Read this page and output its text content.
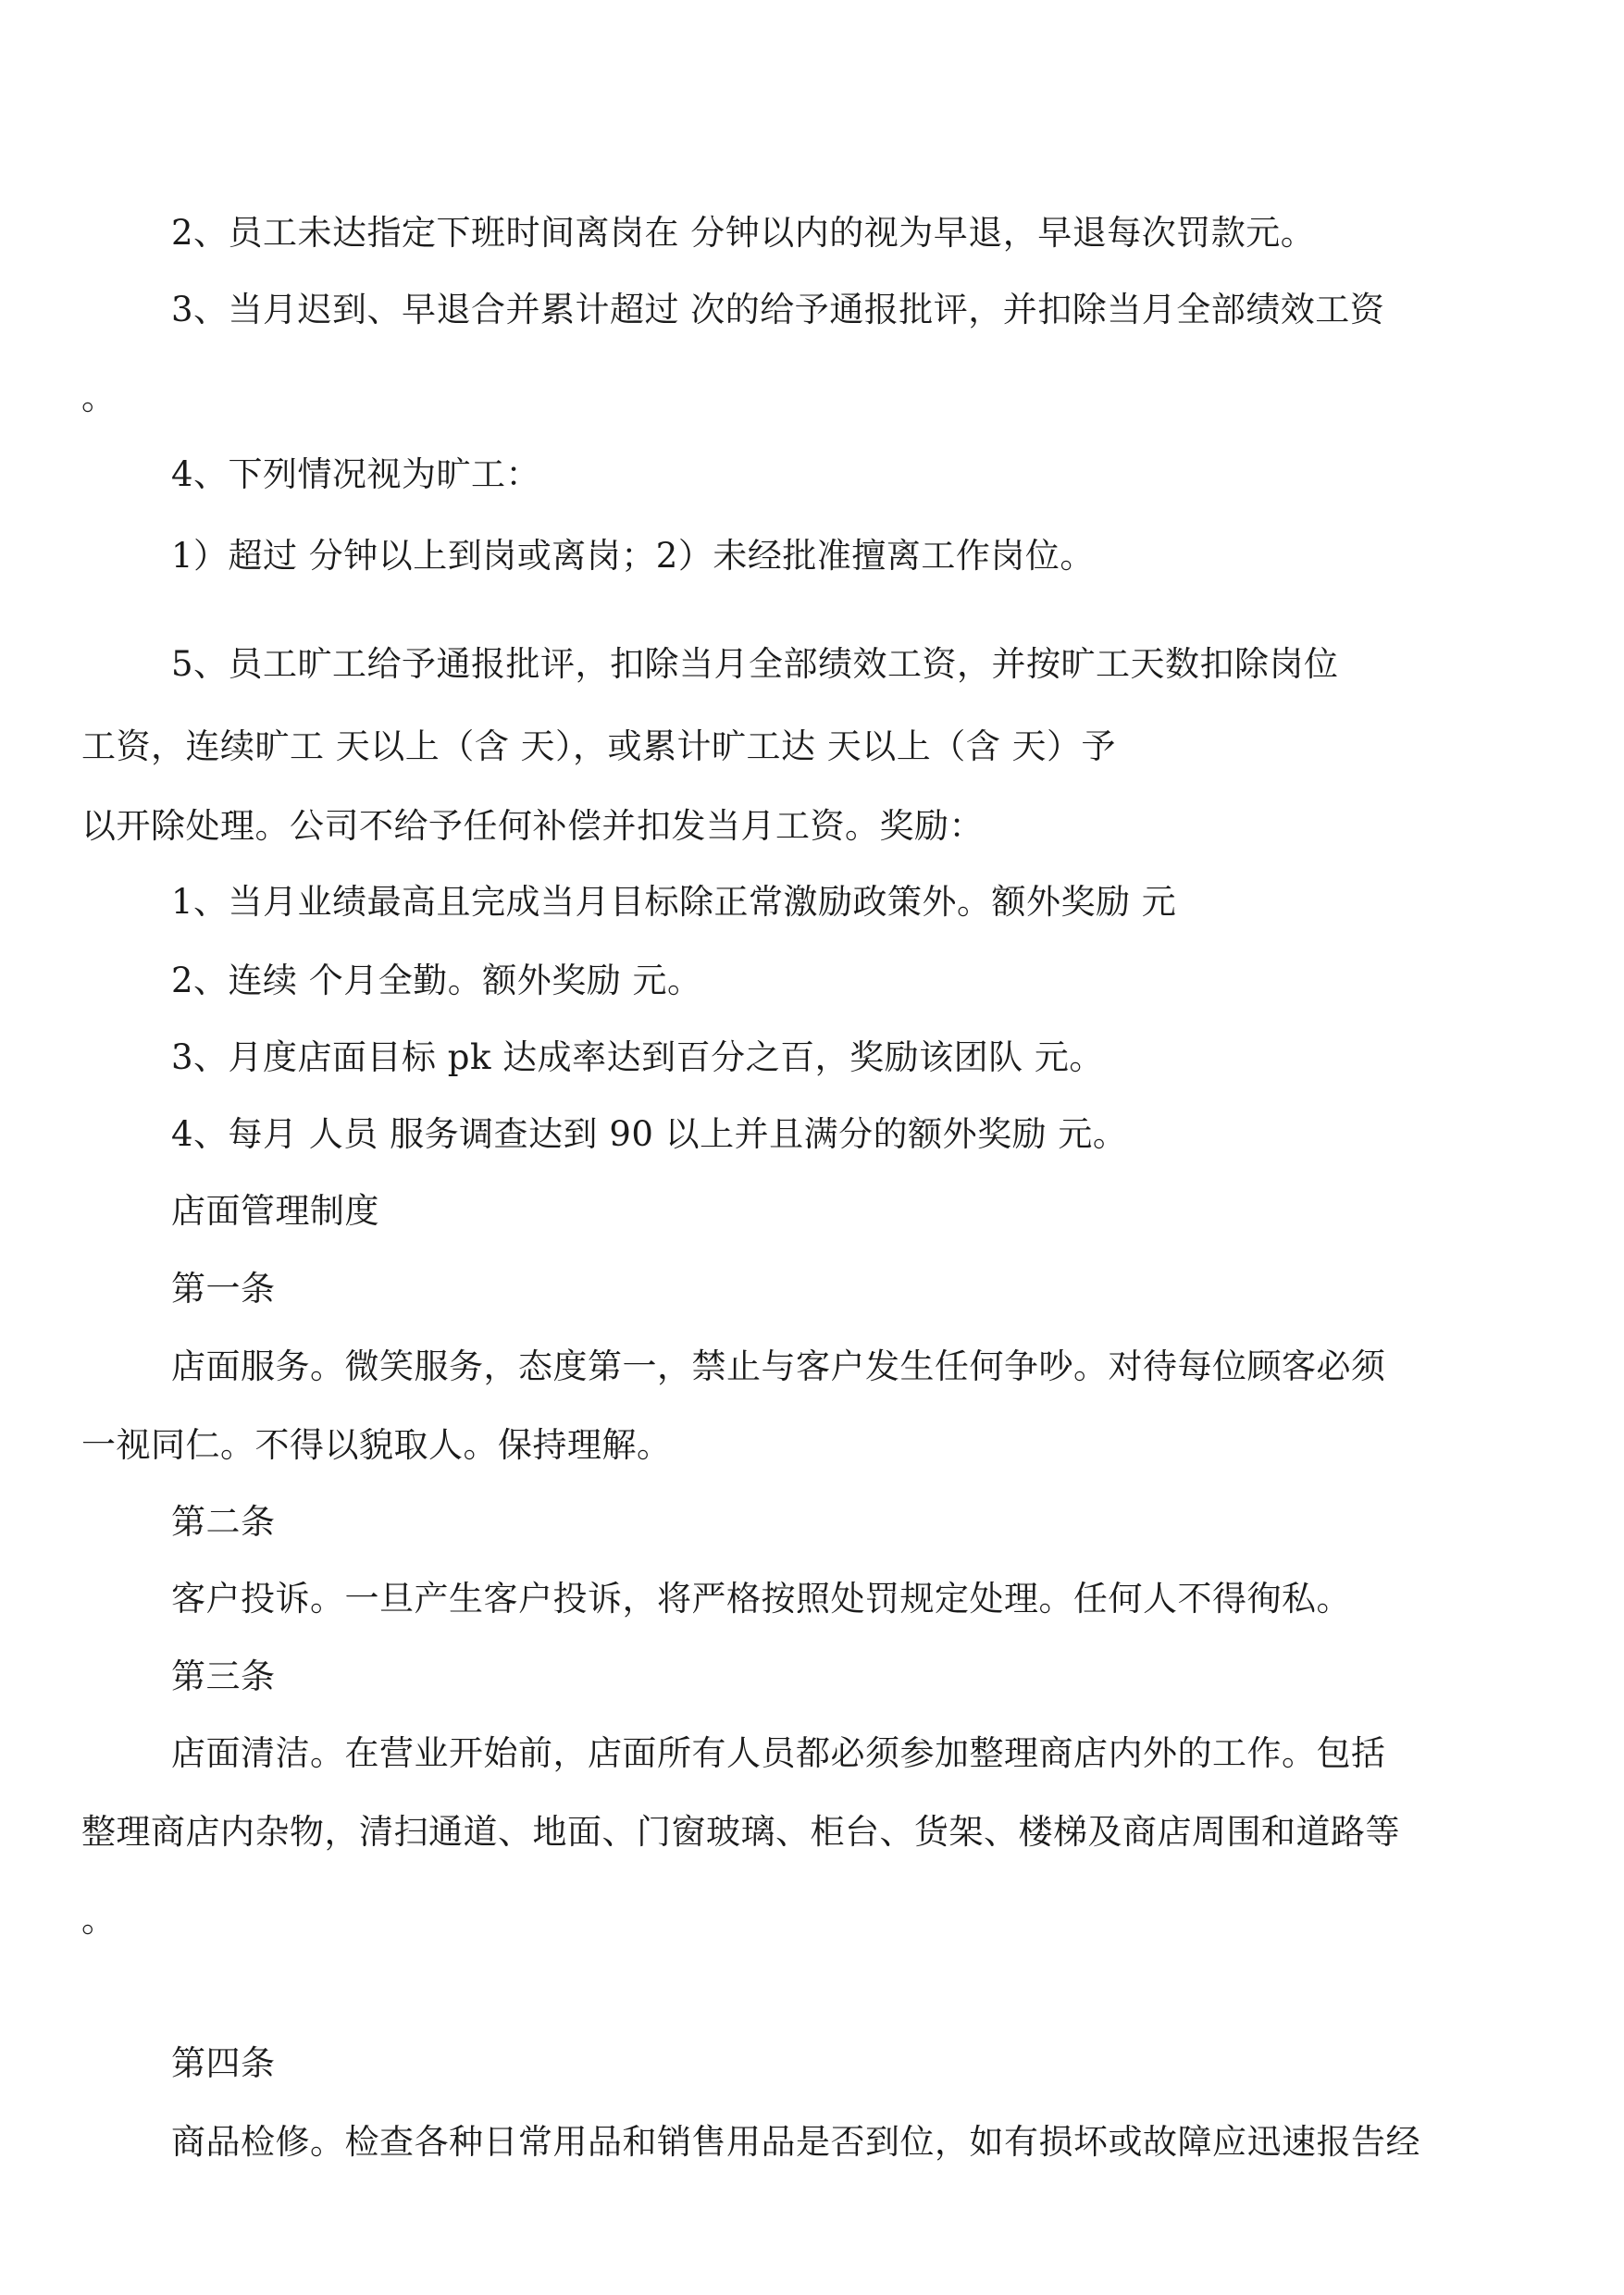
2、员工未达指定下班时间离岗在 分钟以内的视为早退，早退每次罚款元。

3、当月迟到、早退合并累计超过 次的给予通报批评，并扣除当月全部绩效工资

。

4、下列情况视为旷工：

1）超过 分钟以上到岗或离岗；2）未经批准擅离工作岗位。

5、员工旷工给予通报批评，扣除当月全部绩效工资，并按旷工天数扣除岗位

工资，连续旷工 天以上（含 天），或累计旷工达 天以上（含 天）予

以开除处理。公司不给予任何补偿并扣发当月工资。奖励：

1、当月业绩最高且完成当月目标除正常激励政策外。额外奖励 元

2、连续 个月全勤。额外奖励 元。

3、月度店面目标 pk 达成率达到百分之百，奖励该团队 元。

4、每月 人员 服务调查达到 90 以上并且满分的额外奖励 元。

店面管理制度

第一条

店面服务。微笑服务，态度第一，禁止与客户发生任何争吵。对待每位顾客必须

一视同仁。不得以貌取人。保持理解。

第二条

客户投诉。一旦产生客户投诉，将严格按照处罚规定处理。任何人不得徇私。

第三条

店面清洁。在营业开始前，店面所有人员都必须参加整理商店内外的工作。包括

整理商店内杂物，清扫通道、地面、门窗玻璃、柜台、货架、楼梯及商店周围和道路等

。

第四条

商品检修。检查各种日常用品和销售用品是否到位，如有损坏或故障应迅速报告经
